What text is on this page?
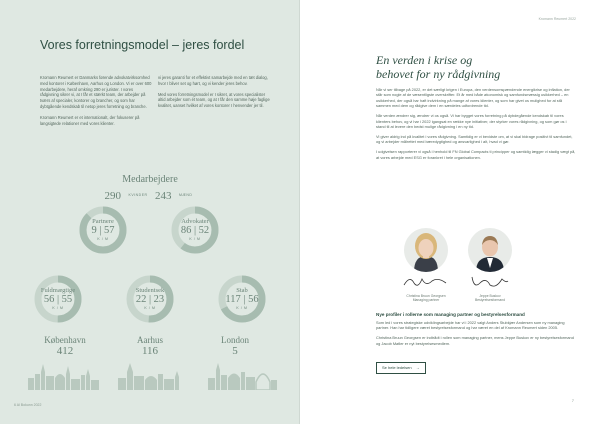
Vores forretningsmodel – jeres fordel

Kromann Reumert er Danmarks førende advokatvirksomhed med kontorer i København, Aarhus og London. Vi er over 600 medarbejdere, heraf omkring 290 er jurister. I vores rådgivning sikrer vi, at I får et stærkt team, der arbejder på tværs af specialer, kontorer og brancher, og som har dybtgående kendskab til netop jeres forretning og branche.

Kromann Reumert er et internationalt, der fokuserer på langsigtede relationer med vores klienter.

vi jeres garanti for et effektivt samarbejde med en tæt dialog, hvor I bliver set og hørt, og vi kender jeres behov.

Med vores forretningsmodel er I sikret, at vores specialister altid arbejder som ét team, og at I får den samme høje faglige kvalitet, uanset hvilket af vores kontorer I henvender jer til.

Medarbejdere
290 KVINDER 243 MÆND
Partnere
9 | 57
K / M
Advokater
86 | 52
K / M
Fuldmægtige
56 | 55
K / M
Studentsek
22 | 23
K / M
Stab
117 | 56
K / M
København
412
Aarhus
116
London
5
6 Al Bokunn 2022
Kromann Reumert 2022
En verden i krise og
behovet for ny rådgivning

Når vi ser tilbage på 2022, er det særligt krigen i Europa, den verdensomspændende energikrise og inflation, der står som nogle af de væsentligste overskrifter. Et år med både økonomisk og samfundsmæssig usikkerhed – en usikkerhed, der også har haft indvirkning på mange af vores klienter, og som har givet os mulighed for at stå sammen med dem og rådgive dem i en særdeles udfordrende tid.

Når verden ændrer sig, ændrer vi os også. Vi har bygget vores forretning på dybdegående kendskab til vores klienters behov, og vi har i 2022 igangsat en række nye initiativer, der styrker vores rådgivning, og som gør os i stand til at levere den bedst mulige rådgivning i en ny tid.

Vi giver aldrig ind på kvalitet i vores rådgivning. Samtidig er vi bevidste om, at vi skal bidrage positivt til samfundet, og vi arbejder målrettet med bæredygtighed og ansvarlighed i alt, hvad vi gør.

I udgivelsen rapporterer vi også i henhold til FN Global Compacts ti principper og samtidig lægger vi stadig vægt på, at vores arbejde med ESG er forankret i hele organisationen.

Christina Bruun Georgsen
Managing partner
Jeppe Buskov
Bestyrelsesformand
Nye profiler i rollerne som managing partner og bestyrelsesformand

Som led i vores strategiske udviklingsarbejde har vi i 2022 valgt Anders Stubkjær Andersen som ny managing partner. Han har tidligere været bestyrelsesformand og har været en del af Kromann Reumert siden 2005.

Christina Bruun Georgsen er indtrådt i rollen som managing partner, mens Jeppe Buskov er ny bestyrelsesformand og Jacob Møller er nyt bestyrelsesmedlem.

Se hele ledelsen →
7
